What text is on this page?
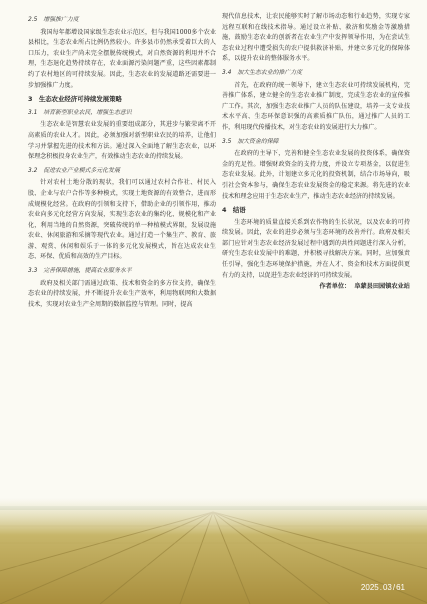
2.5　增强推广力度

我国每年都增设国家级生态农业示范区，但与我国1000多个农业县相比，生态农业所占比例仍然较小。许多县市仍然承受着巨大的人口压力，农业生产尚未完全摆脱传统模式，对自然资源的利用并不合理，生态退化趋势持续存在，农业面源污染问题严重，这些因素都制约了农村地区的可持续发展。因此，生态农业的发展道路还需要进一步加强推广力度。

3　生态农业经济可持续发展策略
3.1　培育新型职业农民，增强生态意识

生态农业是智慧农业发展的重要组成部分，其进步与繁荣离不开高素质的农业人才。因此，必须加强对新型职业农民的培养，让他们学习并掌握先进的技术和方法。通过深入全面地了解生态农业，以环保理念积极投身农业生产，有效推动生态农业的持续发展。

3.2　促进农业产业模式多元化发展

针对农村土地分散的现状，我们可以通过农村合作社、村民入股、企业与农户合作等多种模式，实现土地资源的有效整合，进而形成规模化经营。在政府的引领和支持下，借助企业的引领作用，推动农业向多元化经营方向发展，实现生态农业的集约化、规模化和产业化，利用当地的自然资源，突破传统的单一种植模式界限，发展设施农业、休闲旅游和采摘等现代农业。通过打造一个集生产、教育、旅游、观赏、休闲和娱乐于一体的多元化发展模式，旨在达成农业生态、环保、优质和高效的生产目标。

3.3　完善保障措施，提高农业服务水平

政府及相关部门需通过政策、技术和资金的多方位支持，确保生态农业的持续发展，并不断提升农业生产效率，利用物联网和大数据技术，实现对农业生产全周期的数据监控与管理。同时，提高

现代信息技术，让农民能够实时了解市场动态和行业趋势，实现专家远程互联和在线技术指导。通过设立补贴、救济和奖励金等激励措施，鼓励生态农业的创新者在农业生产中发挥领导作用，为在尝试生态农业过程中遭受损失的农户提供救济补贴，并建立多元化的保障体系，以提升农业的整体服务水平。

3.4　加大生态农业的推广力度

首先，在政府的统一领导下，建立生态农业可持续发展机构，完善推广体系，建立健全的生态农业推广制度，完成生态农业的宣传推广工作。其次，加强生态农业推广人员的队伍建设，培养一支专业技术水平高、生态环保意识强的高素质推广队伍，通过推广人员的工作，利用现代传播技术，对生态农业的发展进行大力推广。

3.5　加大资金的保障

在政府的主导下，完善和健全生态农业发展的投资体系，确保资金的充足性。增强财政资金的支持力度，并设立专项基金，以促进生态农业发展。此外，计划建立多元化的投资机制，结合市场导向，吸引社会资本参与，确保生态农业发展资金的稳定来源。将先进的农业技术和理念应用于生态农业生产，推动生态农业经济的持续发展。

4　结语

生态环境的质量直接关系到农作物的生长状况，以及农业的可持续发展。因此，农业的进步必须与生态环境的改善并行。政府及相关部门应针对生态农业经济发展过程中遇到的共性问题进行深入分析，研究生态农业发展中的难题，并积极寻找解决方案。同时，应加强责任引导，强化生态环境保护措施，并在人才、资金和技术方面提供更有力的支持，以促进生态农业经济的可持续发展。

作者单位： 阜蒙县田园镇农业站
2025.03/61
